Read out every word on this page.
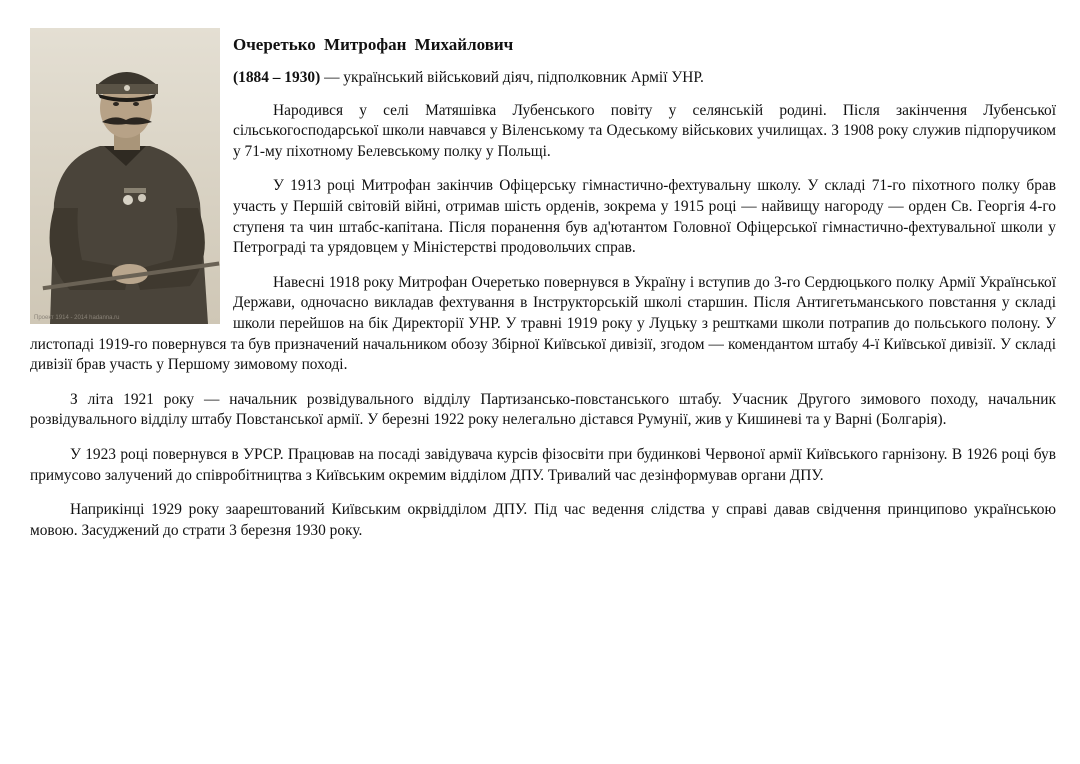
Проект 1914 - 2014 hadanna.ru

Очеретько Митрофан Михайлович

(1884 – 1930) — український військовий діяч, підполковник Армії УНР.

Народився у селі Матяшівка Лубенського повіту у селянській родині. Після закінчення Лубенської сільськогосподарської школи навчався у Віленському та Одеському військових училищах. З 1908 року служив підпоручиком у 71-му піхотному Белевському полку у Польщі.

У 1913 році Митрофан закінчив Офіцерську гімнастично-фехтувальну школу. У складі 71-го піхотного полку брав участь у Першій світовій війні, отримав шість орденів, зокрема у 1915 році — найвищу нагороду — орден Св. Георгія 4-го ступеня та чин штабс-капітана. Після поранення був ад'ютантом Головної Офіцерської гімнастично-фехтувальної школи у Петрограді та урядовцем у Міністерстві продовольчих справ.

Навесні 1918 року Митрофан Очеретько повернувся в Україну і вступив до 3-го Сердюцького полку Армії Української Держави, одночасно викладав фехтування в Інструкторській школі старшин. Після Антигетьманського повстання у складі школи перейшов на бік Директорії УНР. У травні 1919 року у Луцьку з рештками школи потрапив до польського полону. У листопаді 1919-го повернувся та був призначений начальником обозу Збірної Київської дивізії, згодом — комендантом штабу 4-ї Київської дивізії. У складі дивізії брав участь у Першому зимовому поході.

З літа 1921 року — начальник розвідувального відділу Партизансько-повстанського штабу. Учасник Другого зимового походу, начальник розвідувального відділу штабу Повстанської армії. У березні 1922 року нелегально дістався Румунії, жив у Кишиневі та у Варні (Болгарія).

У 1923 році повернувся в УРСР. Працював на посаді завідувача курсів фізосвіти при будинкові Червоної армії Київського гарнізону. В 1926 році був примусово залучений до співробітництва з Київським окремим відділом ДПУ. Тривалий час дезінформував органи ДПУ.

Наприкінці 1929 року заарештований Київським окрвідділом ДПУ. Під час ведення слідства у справі давав свідчення принципово українською мовою. Засуджений до страти 3 березня 1930 року.
